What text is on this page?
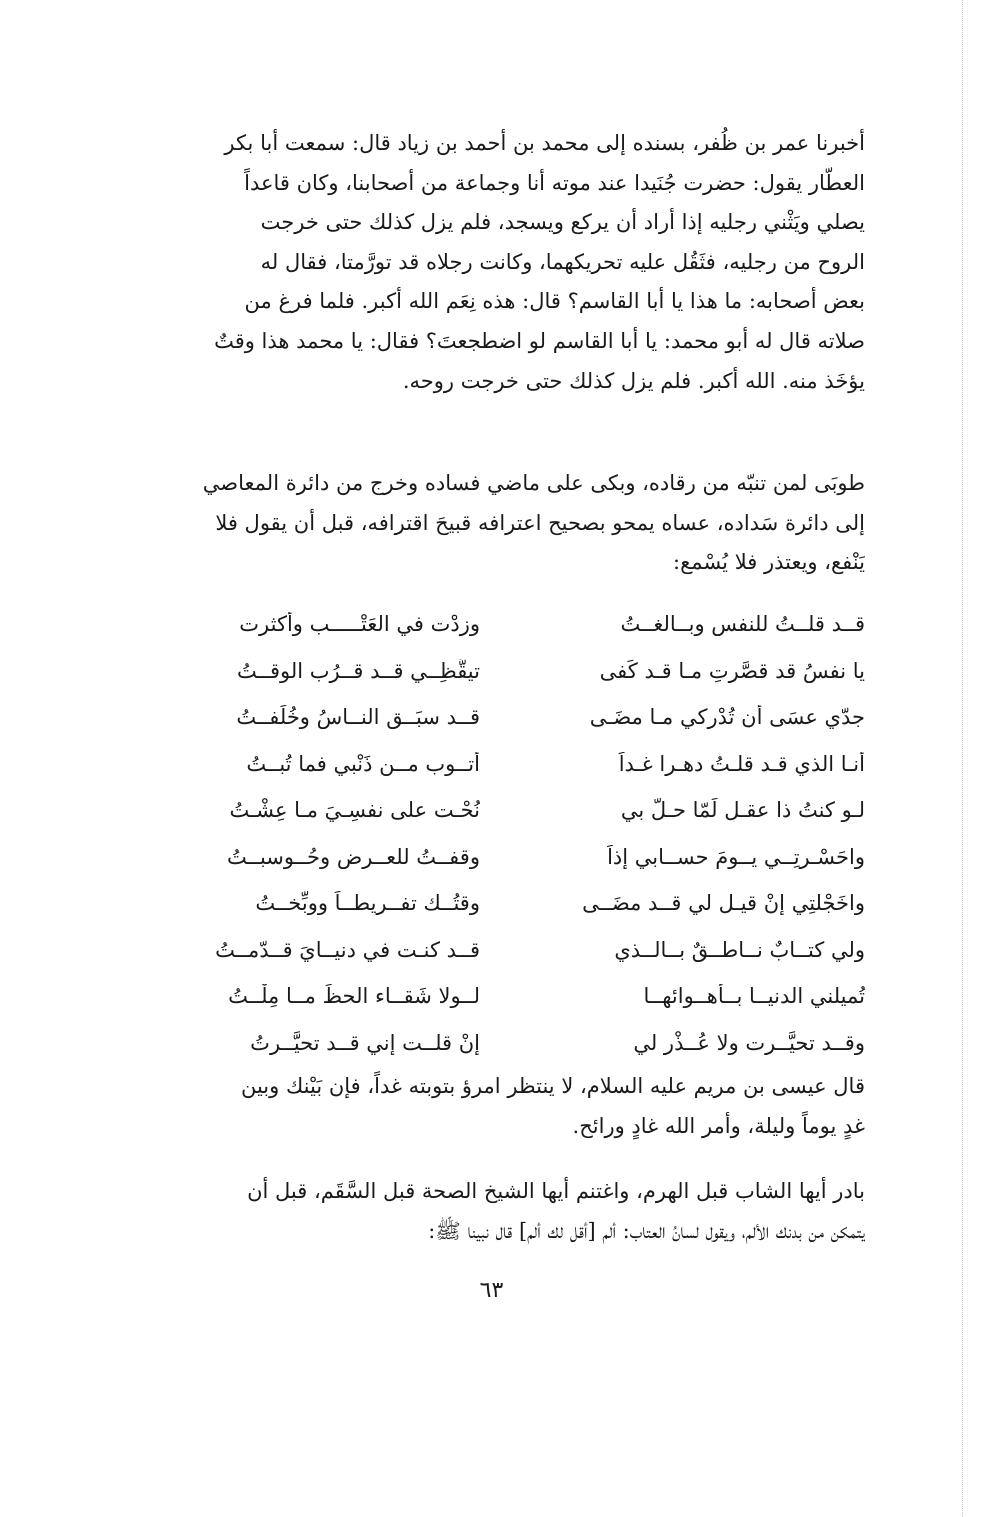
أخبرنا عمر بن ظُفر، بسنده إلى محمد بن أحمد بن زياد قال: سمعت أبا بكر
العطّار يقول: حضرت جُنَيدا عند موته أنا وجماعة من أصحابنا، وكان قاعداً
يصلي ويَثْني رجليه إذا أراد أن يركع ويسجد، فلم يزل كذلك حتى خرجت
الروح من رجليه، فثَقُل عليه تحريكهما، وكانت رجلاه قد تورَّمتا، فقال له
بعض أصحابه: ما هذا يا أبا القاسم؟ قال: هذه نِعَم الله أكبر. فلما فرغ من
صلاته قال له أبو محمد: يا أبا القاسم لو اضطجعتَ؟ فقال: يا محمد هذا وقتٌ
يؤخَذ منه. الله أكبر. فلم يزل كذلك حتى خرجت روحه.
طوبَى لمن تنبّه من رقاده، وبكى على ماضي فساده وخرج من دائرة المعاصي
إلى دائرة سَداده، عساه يمحو بصحيح اعترافه قبيحَ اقترافه، قبل أن يقول فلا
يَنْفع، ويعتذر فلا يُسْمع:
قــد قلــتُ للنفس وبــالغــتُ
وزدْت في العَتْـــــب وأكثرت
يا نفسُ قد قصَّرتِ مـا قـد كَفى
تيقَّظِــي قــد قــرُب الوقــتُ
جدّي عسَى أن تُدْركي مـا مضَـى
قــد سبَــق النــاسُ وخُلِّفــتُ
أنـا الذي قـد قلـتُ دهـرا غـداً
أتــوب مــن ذَنْبي فما تُبــتُ
لـو كنتُ ذا عقـلٍ لَمّا حـلَّ بي
نُحْـت على نفسِـيَ مـا عِشْـتُ
واحَسْـرتِــي يــومَ حســابي إذاً
وقفــتُ للعــرضِ وحُــوسبــتُ
واخَجْلتِي إنْ قيـل لي قــد مضَــى
وقتُــك تفــريطــاً ووبِّخــتُ
ولي كتــابٌ نــاطــقٌ بــالــذي
قــد كنـت في دنيــايَ قــدّمــتُ
تُميلني الدنيــا بــأهــوائهــا
لــولا شَقــاء الحظِّ مــا مِلْــتُ
وقــد تحيَّــرت ولا عُــذْر لي
إنْ قلــت إني قــد تحيَّــرتُ
قال عيسى بن مريم عليه السلام، لا ينتظر امرؤ بتوبته غداً، فإن بَيْنك وبين
غدٍ يوماً وليلة، وأمر الله غادٍ ورائح.
بادر أيها الشاب قبل الهرم، واغتنم أيها الشيخ الصحة قبل السَّقَم، قبل أن
يتمكن من بدنك الألم، ويقول لسانُ العتاب: ألم [أقل لك ألم] قال نبينا ﷺ:
٦٣
